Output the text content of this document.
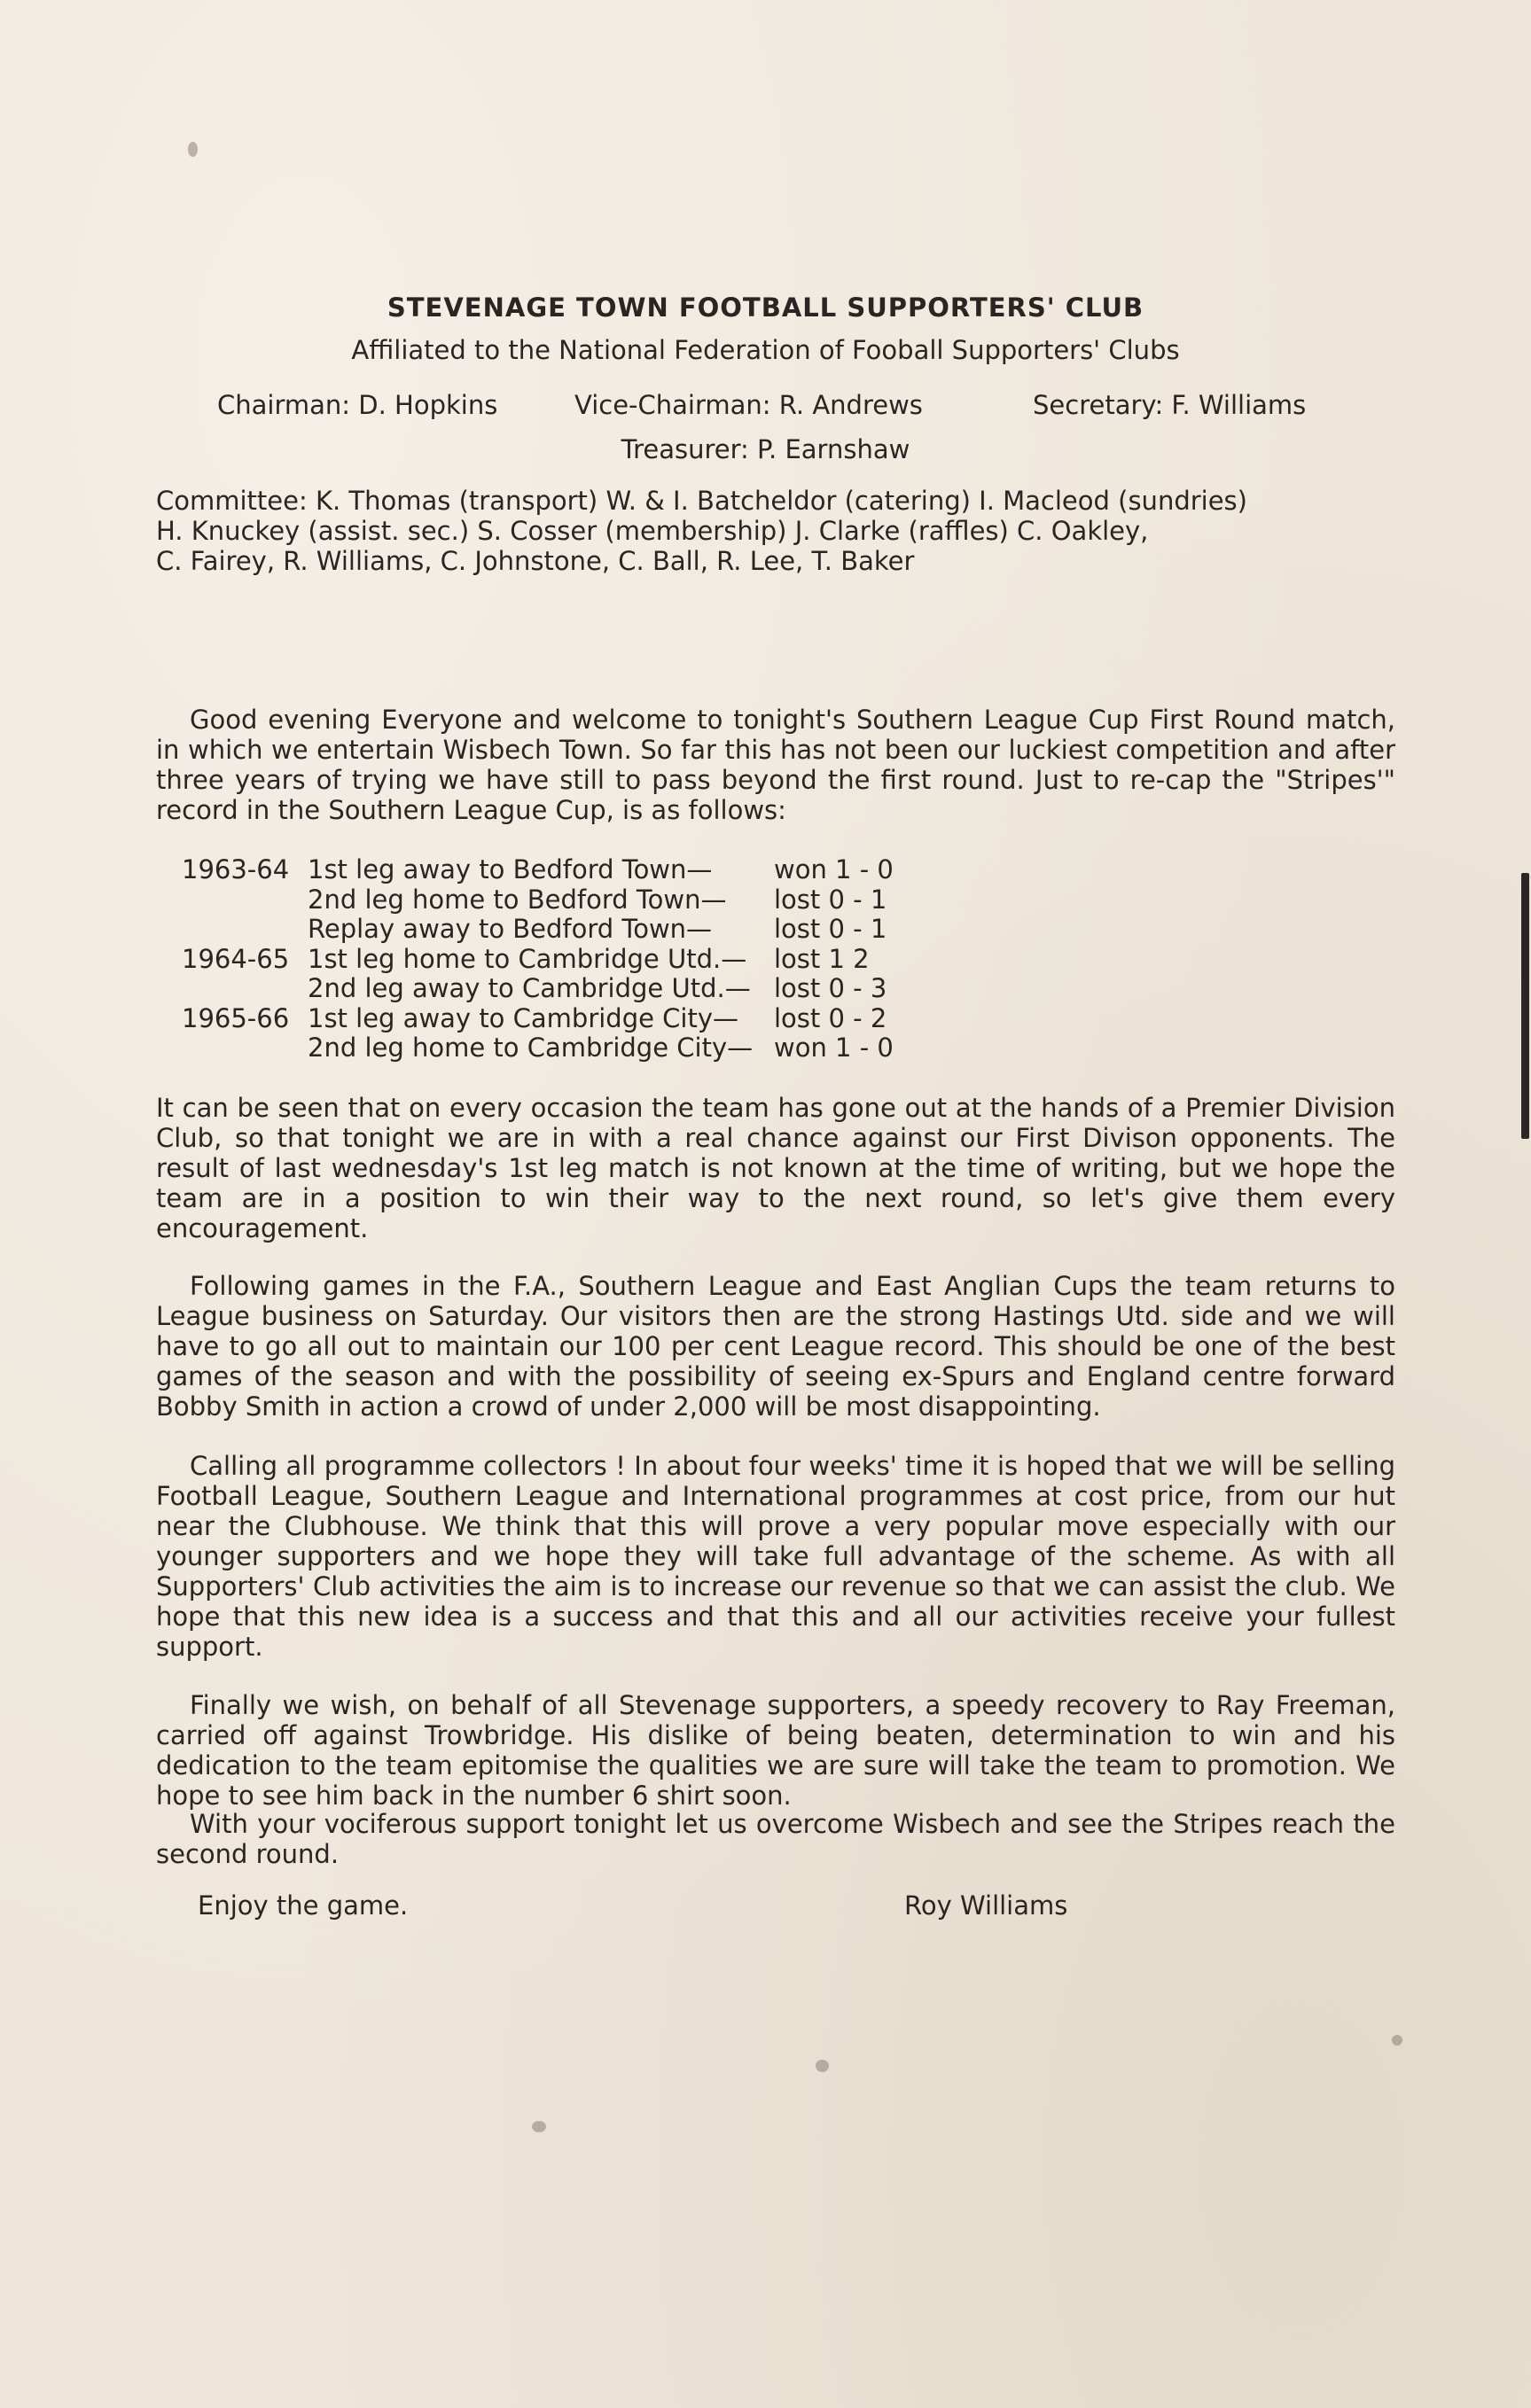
STEVENAGE TOWN FOOTBALL SUPPORTERS' CLUB
Affiliated to the National Federation of Fooball Supporters' Clubs
Chairman: D. Hopkins	Vice-Chairman: R. Andrews	Secretary: F. Williams
Treasurer: P. Earnshaw
Committee: K. Thomas (transport) W. & I. Batcheldor (catering) I. Macleod (sundries)
H. Knuckey (assist. sec.) S. Cosser (membership) J. Clarke (raffles) C. Oakley,
C. Fairey, R. Williams, C. Johnstone, C. Ball, R. Lee, T. Baker
Good evening Everyone and welcome to tonight's Southern League Cup First Round match, in which we entertain Wisbech Town. So far this has not been our luckiest competition and after three years of trying we have still to pass beyond the first round. Just to re-cap the "Stripes'" record in the Southern League Cup, is as follows:
1963-64 1st leg away to Bedford Town— won 1 - 0
2nd leg home to Bedford Town— lost 0 - 1
Replay away to Bedford Town— lost 0 - 1
1964-65 1st leg home to Cambridge Utd.— lost 1 2
2nd leg away to Cambridge Utd.— lost 0 - 3
1965-66 1st leg away to Cambridge City— lost 0 - 2
2nd leg home to Cambridge City— won 1 - 0
It can be seen that on every occasion the team has gone out at the hands of a Premier Division Club, so that tonight we are in with a real chance against our First Divison opponents. The result of last wednesday's 1st leg match is not known at the time of writing, but we hope the team are in a position to win their way to the next round, so let's give them every encouragement.
Following games in the F.A., Southern League and East Anglian Cups the team returns to League business on Saturday. Our visitors then are the strong Hastings Utd. side and we will have to go all out to maintain our 100 per cent League record. This should be one of the best games of the season and with the possibility of seeing ex-Spurs and England centre forward Bobby Smith in action a crowd of under 2,000 will be most disappointing.
Calling all programme collectors ! In about four weeks' time it is hoped that we will be selling Football League, Southern League and International programmes at cost price, from our hut near the Clubhouse. We think that this will prove a very popular move especially with our younger supporters and we hope they will take full advantage of the scheme. As with all Supporters' Club activities the aim is to increase our revenue so that we can assist the club. We hope that this new idea is a success and that this and all our activities receive your fullest support.
Finally we wish, on behalf of all Stevenage supporters, a speedy recovery to Ray Freeman, carried off against Trowbridge. His dislike of being beaten, determination to win and his dedication to the team epitomise the qualities we are sure will take the team to promotion. We hope to see him back in the number 6 shirt soon.
With your vociferous support tonight let us overcome Wisbech and see the Stripes reach the second round.
Enjoy the game.	Roy Williams
